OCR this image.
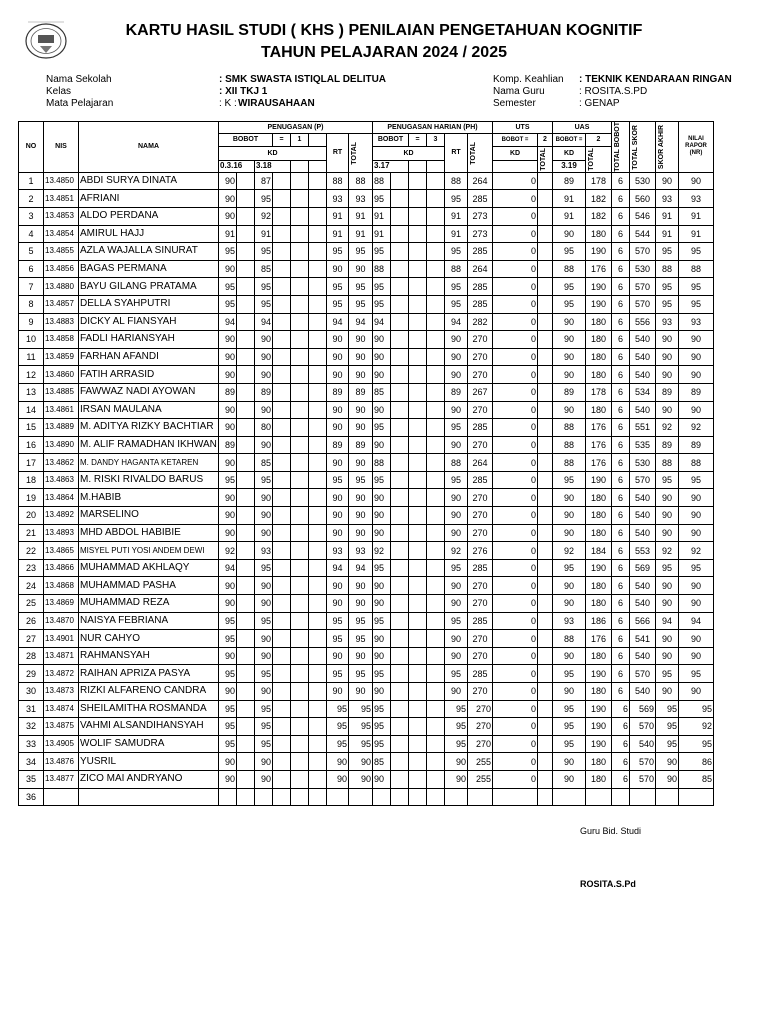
KARTU HASIL STUDI ( KHS ) PENILAIAN PENGETAHUAN KOGNITIF
TAHUN PELAJARAN 2024 / 2025
Nama Sekolah	: SMK SWASTA ISTIQLAL DELITUA
Kelas	: XII TKJ 1
Mata Pelajaran	: K : WIRAUSAHAAN
Komp. Keahlian : TEKNIK KENDARAAN RINGAN
Nama Guru	: ROSITA.S.PD
Semester	: GENAP
NO	NIS	NAMA	PENUGASAN (P)								PENUGASAN HARIAN (PH)						UTS		UAS		TOTAL BOBOT	TOTAL SKOR	SKOR AKHIR	NILAI RAPOR (NR)
			BOBOT			=	1		RT	TOTAL	BOBOT		=	3	RT	TOTAL	BOBOT =	2	BOBOT =	2				
			KD								KD						KD	TOTAL	KD	TOTAL				

			0.3.16		3.18						3.17								3.19					
1	13.4850	ABDI SURYA DINATA	90		87				88	88	88				88	264	0		89	178	6	530	90	90
2	13.4851	AFRIANI	90		95				93	93	95				95	285	0		91	182	6	560	93	93
3	13.4853	ALDO PERDANA	90		92				91	91	91				91	273	0		91	182	6	546	91	91
4	13.4854	AMIRUL HAJJ	91		91				91	91	91				91	273	0		90	180	6	544	91	91
5	13.4855	AZLA WAJALLA SINURAT	95		95				95	95	95				95	285	0		95	190	6	570	95	95
6	13.4856	BAGAS PERMANA	90		85				90	90	88				88	264	0		88	176	6	530	88	88
7	13.4880	BAYU GILANG PRATAMA	95		95				95	95	95				95	285	0		95	190	6	570	95	95
8	13.4857	DELLA SYAHPUTRI	95		95				95	95	95				95	285	0		95	190	6	570	95	95
9	13.4883	DICKY AL FIANSYAH	94		94				94	94	94				94	282	0		90	180	6	556	93	93
10	13.4858	FADLI HARIANSYAH	90		90				90	90	90				90	270	0		90	180	6	540	90	90
11	13.4859	FARHAN AFANDI	90		90				90	90	90				90	270	0		90	180	6	540	90	90
12	13.4860	FATIH ARRASID	90		90				90	90	90				90	270	0		90	180	6	540	90	90
13	13.4885	FAWWAZ NADI AYOWAN	89		89				89	89	85				89	267	0		89	178	6	534	89	89
14	13.4861	IRSAN MAULANA	90		90				90	90	90				90	270	0		90	180	6	540	90	90
15	13.4889	M. ADITYA RIZKY BACHTIAR	90		80				90	90	95				95	285	0		88	176	6	551	92	92
16	13.4890	M. ALIF RAMADHAN IKHWAN	89		90				89	89	90				90	270	0		88	176	6	535	89	89
17	13.4862	M. DANDY HAGANTA KETAREN	90		85				90	90	88				88	264	0		88	176	6	530	88	88
18	13.4863	M. RISKI RIVALDO BARUS	95		95				95	95	95				95	285	0		95	190	6	570	95	95
19	13.4864	M.HABIB	90		90				90	90	90				90	270	0		90	180	6	540	90	90
20	13.4892	MARSELINO	90		90				90	90	90				90	270	0		90	180	6	540	90	90
21	13.4893	MHD ABDOL HABIBIE	90		90				90	90	90				90	270	0		90	180	6	540	90	90
22	13.4865	MISYEL PUTI YOSI ANDEM DEWI	92		93				93	93	92				92	276	0		92	184	6	553	92	92
23	13.4866	MUHAMMAD AKHLAQY	94		95				94	94	95				95	285	0		95	190	6	569	95	95
24	13.4868	MUHAMMAD PASHA	90		90				90	90	90				90	270	0		90	180	6	540	90	90
25	13.4869	MUHAMMAD REZA	90		90				90	90	90				90	270	0		90	180	6	540	90	90
26	13.4870	NAISYA FEBRIANA	95		95				95	95	95				95	285	0		93	186	6	566	94	94
27	13.4901	NUR CAHYO	95		90				95	95	90				90	270	0		88	176	6	541	90	90
28	13.4871	RAHMANSYAH	90		90				90	90	90				90	270	0		90	180	6	540	90	90
29	13.4872	RAIHAN APRIZA PASYA	95		95				95	95	95				95	285	0		95	190	6	570	95	95
30	13.4873	RIZKI ALFARENO CANDRA	90		90				90	90	90				90	270	0		90	180	6	540	90	90
31	13.4874	SHEILAMITHA ROSMANDA	95		95				95	95	95				95	270	0		95	190	6	569	95	95
32	13.4875	VAHMI ALSANDIHANSYAH	95		95				95	95	95				95	270	0		95	190	6	570	95	92
33	13.4905	WOLIF SAMUDRA	95		95				95	95	95				95	270	0		95	190	6	540	95	95
34	13.4876	YUSRIL	90		90				90	90	85				90	255	0		90	180	6	570	90	86
35	13.4877	ZICO MAI ANDRYANO	90		90				90	90	90				90	255	0		90	180	6	570	90	85
36																								
Guru Bid. Studi
ROSITA.S.Pd
